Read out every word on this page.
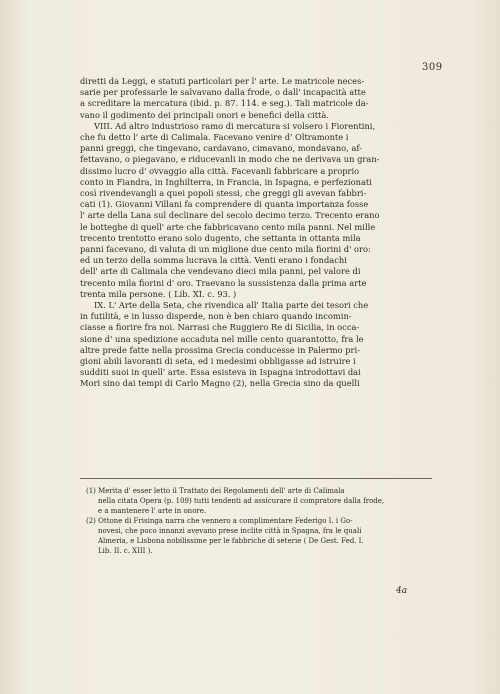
309
diretti da Leggi, e statuti particolari per l' arte. Le matricole neces-
sarie per professarle le salvavano dalla frode, o dall' incapacità atte
a screditare la mercatura (ibid. p. 87. 114. e seg.). Tali matricole da-
vano il godimento dei principali onori e benefici della città.
VIII. Ad altro industrioso ramo di mercatura si volsero i Fiorentini,
che fu detto l' arte di Calimala. Facevano venire d' Oltramonte i
panni greggi, che tingevano, cardavano, cimavano, mondavano, af-
fettavano, o piegavano, e riducevanli in modo che ne derivava un gran-
dissimo lucro d' ovvaggio alla città. Facevanli fabbricare a proprio
conto in Fiandra, in Inghilterra, in Francia, in Ispagna, e perfezionati
così rivendevangli a quei popoli stessi, che greggi gli avevan fabbri-
cati (1). Giovanni Villani fa comprendere di quanta importanza fosse
l' arte della Lana sul declinare del secolo decimo terzo. Trecento erano
le botteghe di quell' arte che fabbricavano cento mila panni. Nel mille
trecento trentotto erano solo dugento, che settanta in ottanta mila
panni facevano, di valuta di un miglione due cento mila fiorini d' oro:
ed un terzo della somma lucrava la città. Venti erano i fondachi
dell' arte di Calimala che vendevano dieci mila panni, pel valore di
trecento mila fiorini d' oro. Traevano la sussistenza dalla prima arte
trenta mila persone. ( Lib. XI. c. 93. )
IX. L' Arte della Seta, che rivendica all' Italia parte dei tesori che
in futilità, e in lusso disperde, non è ben chiaro quando incomin-
ciasse a fiorire fra noi. Narrasi che Ruggiero Re di Sicilia, in occa-
sione d' una spedizione accaduta nel mille cento quarantotto, fra le
altre prede fatte nella prossima Grecia conducesse in Palermo pri-
gioni abili lavoranti di seta, ed i medesimi obbligasse ad istruire i
sudditi suoi in quell' arte. Essa esisteva in Ispagna introdottavi dai
Mori sino dai tempi di Carlo Magno (2), nella Grecia sino da quelli
(1) Merita d' esser letto il Trattato dei Regolamenti dell' arte di Calimala
nella citata Opera (p. 109) tutti tendenti ad assicurare il compratore dalla frode,
e a mantenere l' arte in onore.
(2) Ottone di Frisinga narra che vennero a complimentare Federigo I. i Go-
novesi, che poco innanzi avevano prese inclite città in Spagna, fra le quali
Almeria, e Lisbona nobilissime per le fabbriche di seterie ( De Gest. Fed. I.
Lib. II. c. XIII ).
4a
